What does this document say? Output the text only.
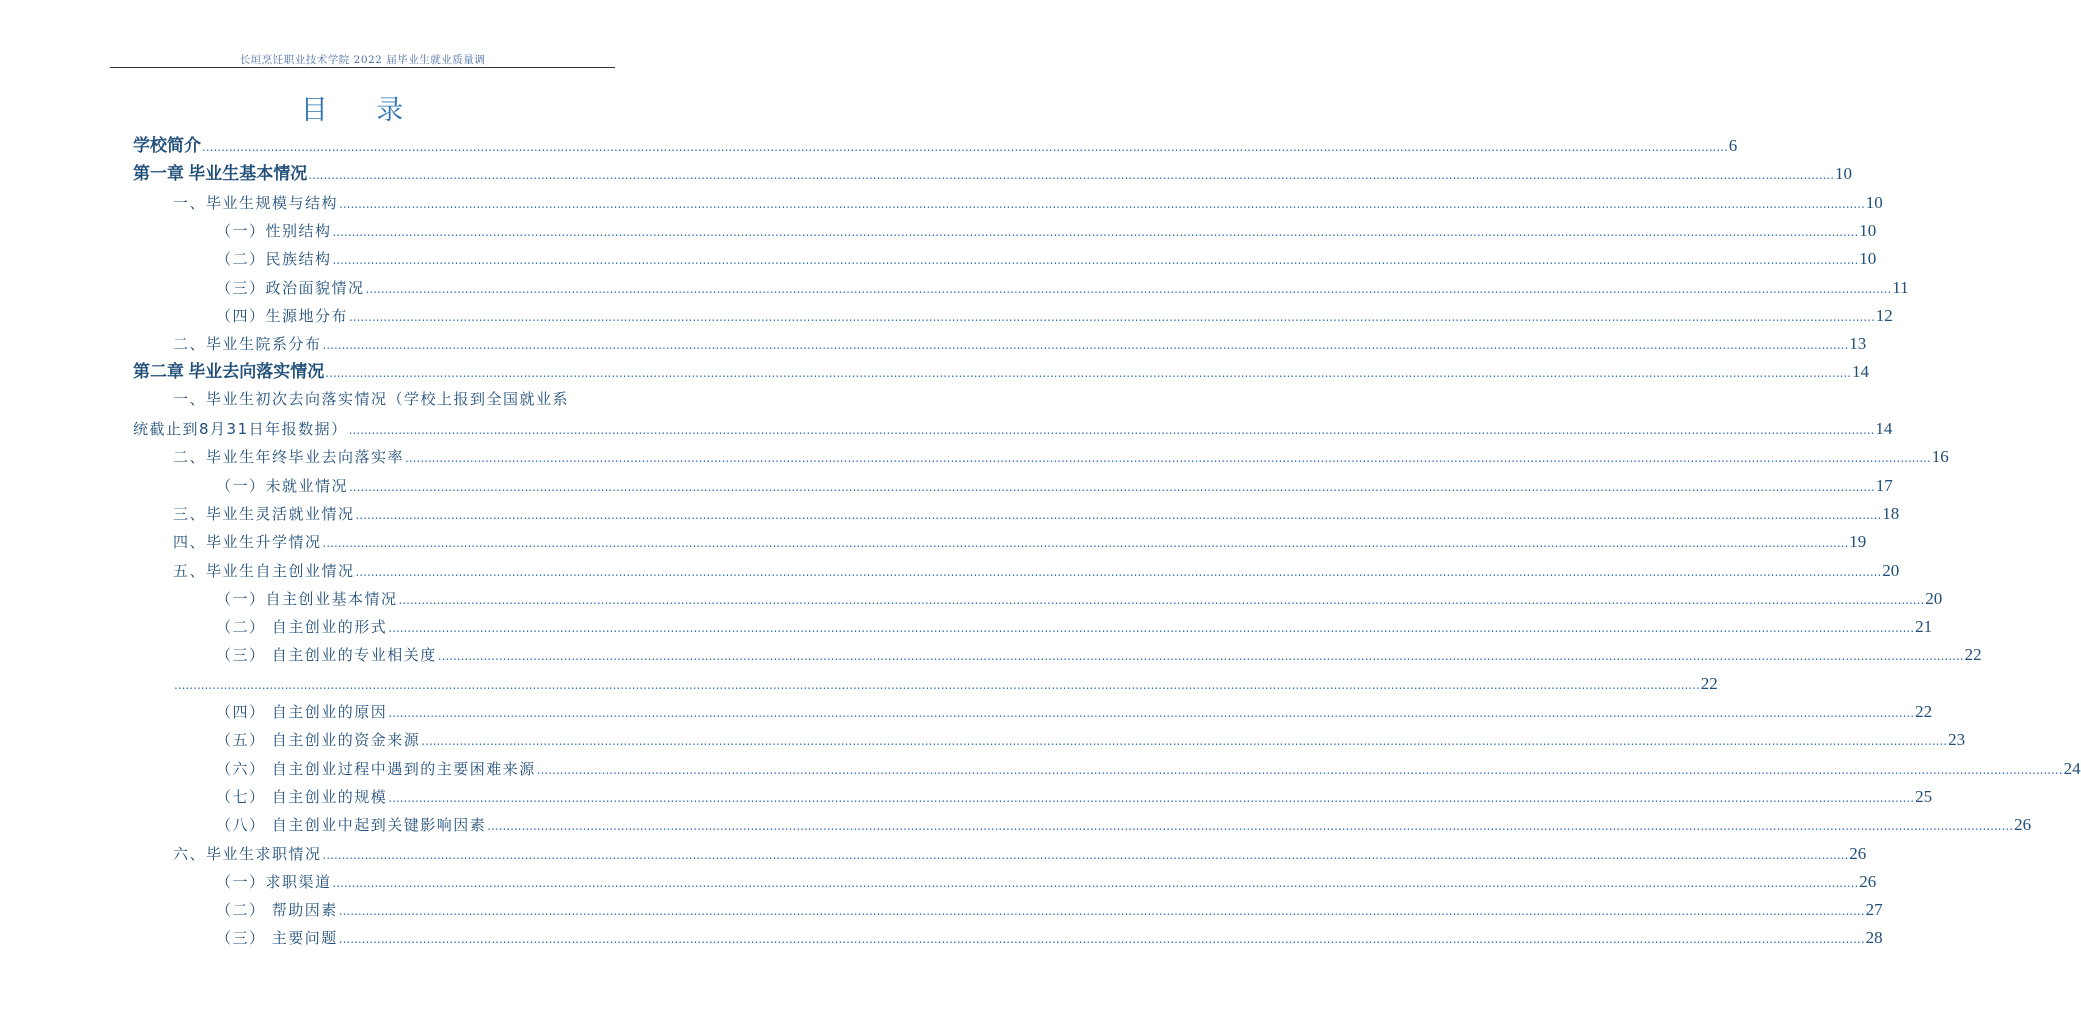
长垣烹饪职业技术学院 2022 届毕业生就业质量调
目 录
学校简介 ................................................................................................................................................................................................................................................................................................................................................................................................................ 6
第一章 毕业生基本情况 ................................................................................................................................................................................................................................................................................................................................................................................................................ 10
一、毕业生规模与结构 ................................................................................................................................................................................................................................................................................................................................................................................................................ 10
（一）性别结构 ................................................................................................................................................................................................................................................................................................................................................................................................................ 10
（二）民族结构 ................................................................................................................................................................................................................................................................................................................................................................................................................ 10
（三）政治面貌情况 ................................................................................................................................................................................................................................................................................................................................................................................................................ 11
（四）生源地分布 ................................................................................................................................................................................................................................................................................................................................................................................................................ 12
二、毕业生院系分布 ................................................................................................................................................................................................................................................................................................................................................................................................................ 13
第二章 毕业去向落实情况 ................................................................................................................................................................................................................................................................................................................................................................................................................ 14
一、毕业生初次去向落实情况（学校上报到全国就业系
统截止到8月31日年报数据） ................................................................................................................................................................................................................................................................................................................................................................................................................ 14
二、毕业生年终毕业去向落实率 ................................................................................................................................................................................................................................................................................................................................................................................................................ 16
（一）未就业情况 ................................................................................................................................................................................................................................................................................................................................................................................................................ 17
三、毕业生灵活就业情况 ................................................................................................................................................................................................................................................................................................................................................................................................................ 18
四、毕业生升学情况 ................................................................................................................................................................................................................................................................................................................................................................................................................ 19
五、毕业生自主创业情况 ................................................................................................................................................................................................................................................................................................................................................................................................................ 20
（一）自主创业基本情况 ................................................................................................................................................................................................................................................................................................................................................................................................................ 20
（二） 自主创业的形式 ................................................................................................................................................................................................................................................................................................................................................................................................................ 21
（三） 自主创业的专业相关度 ................................................................................................................................................................................................................................................................................................................................................................................................................ 22
................................................................................................................................................................................................................................................................................................................................................................................................................ 22
（四） 自主创业的原因 ................................................................................................................................................................................................................................................................................................................................................................................................................ 22
（五） 自主创业的资金来源 ................................................................................................................................................................................................................................................................................................................................................................................................................ 23
（六） 自主创业过程中遇到的主要困难来源 ................................................................................................................................................................................................................................................................................................................................................................................................................ 24
（七） 自主创业的规模 ................................................................................................................................................................................................................................................................................................................................................................................................................ 25
（八） 自主创业中起到关键影响因素 ................................................................................................................................................................................................................................................................................................................................................................................................................ 26
六、毕业生求职情况 ................................................................................................................................................................................................................................................................................................................................................................................................................ 26
（一）求职渠道 ................................................................................................................................................................................................................................................................................................................................................................................................................ 26
（二） 帮助因素 ................................................................................................................................................................................................................................................................................................................................................................................................................ 27
（三） 主要问题 ................................................................................................................................................................................................................................................................................................................................................................................................................ 28
